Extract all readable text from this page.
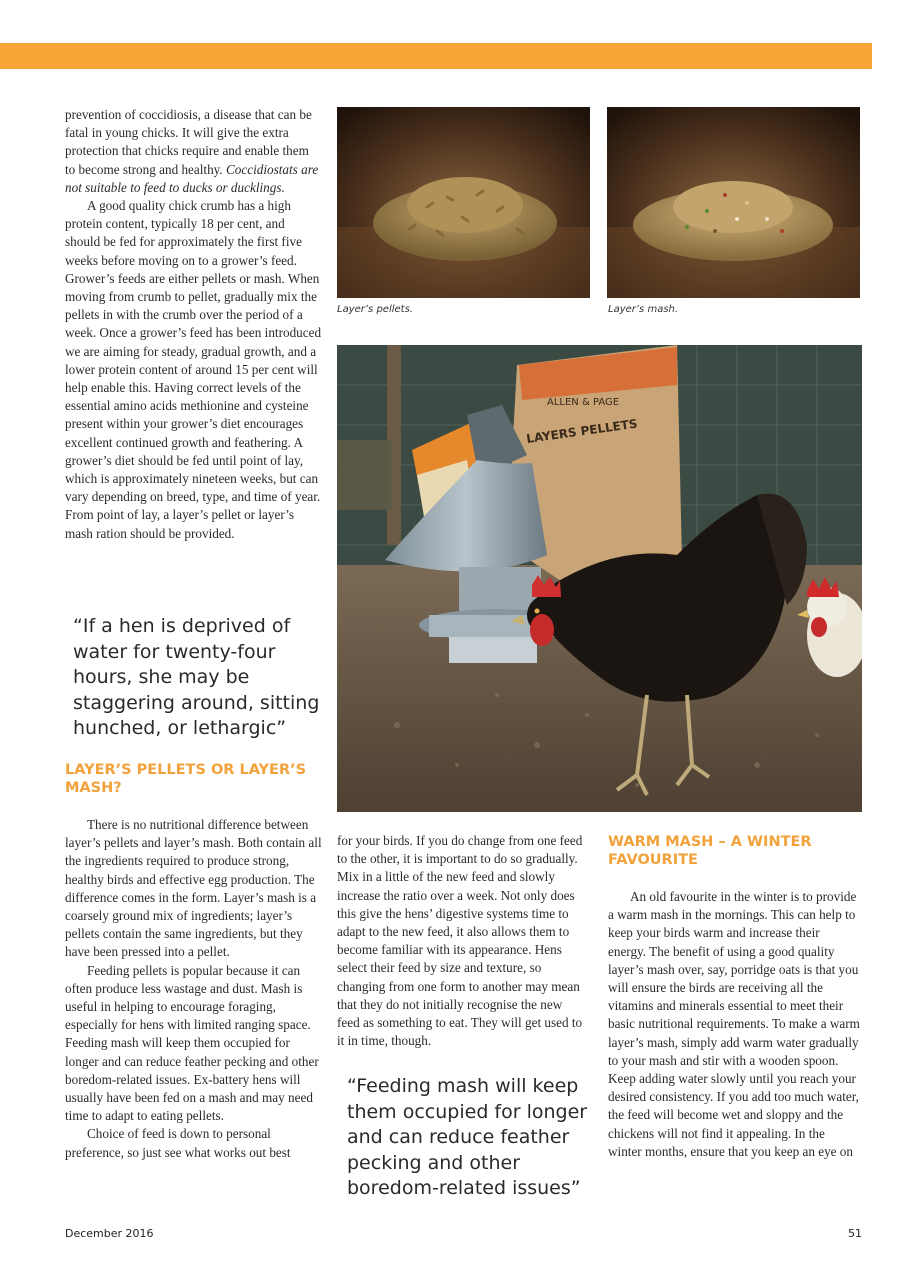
prevention of coccidiosis, a disease that can be fatal in young chicks. It will give the extra protection that chicks require and enable them to become strong and healthy. Coccidiostats are not suitable to feed to ducks or ducklings.

A good quality chick crumb has a high protein content, typically 18 per cent, and should be fed for approximately the first five weeks before moving on to a grower’s feed. Grower’s feeds are either pellets or mash. When moving from crumb to pellet, gradually mix the pellets in with the crumb over the period of a week. Once a grower’s feed has been introduced we are aiming for steady, gradual growth, and a lower protein content of around 15 per cent will help enable this. Having correct levels of the essential amino acids methionine and cysteine present within your grower’s diet encourages excellent continued growth and feathering. A grower’s diet should be fed until point of lay, which is approximately nineteen weeks, but can vary depending on breed, type, and time of year. From point of lay, a layer’s pellet or layer’s mash ration should be provided.

“If a hen is deprived of water for twenty-four hours, she may be staggering around, sitting hunched, or lethargic”
LAYER’S PELLETS OR LAYER’S MASH?

There is no nutritional difference between layer’s pellets and layer’s mash. Both contain all the ingredients required to produce strong, healthy birds and effective egg production. The difference comes in the form. Layer’s mash is a coarsely ground mix of ingredients; layer’s pellets contain the same ingredients, but they have been pressed into a pellet.

Feeding pellets is popular because it can often produce less wastage and dust. Mash is useful in helping to encourage foraging, especially for hens with limited ranging space. Feeding mash will keep them occupied for longer and can reduce feather pecking and other boredom-related issues. Ex-battery hens will usually have been fed on a mash and may need time to adapt to eating pellets.

Choice of feed is down to personal preference, so just see what works out best

Layer’s pellets.	Layer’s mash.
ALLEN & PAGE
LAYERS PELLETS

for your birds. If you do change from one feed to the other, it is important to do so gradually. Mix in a little of the new feed and slowly increase the ratio over a week. Not only does this give the hens’ digestive systems time to adapt to the new feed, it also allows them to become familiar with its appearance. Hens select their feed by size and texture, so changing from one form to another may mean that they do not initially recognise the new feed as something to eat. They will get used to it in time, though.

“Feeding mash will keep them occupied for longer and can reduce feather pecking and other boredom-related issues”
WARM MASH – A WINTER FAVOURITE

An old favourite in the winter is to provide a warm mash in the mornings. This can help to keep your birds warm and increase their energy. The benefit of using a good quality layer’s mash over, say, porridge oats is that you will ensure the birds are receiving all the vitamins and minerals essential to meet their basic nutritional requirements. To make a warm layer’s mash, simply add warm water gradually to your mash and stir with a wooden spoon. Keep adding water slowly until you reach your desired consistency. If you add too much water, the feed will become wet and sloppy and the chickens will not find it appealing. In the winter months, ensure that you keep an eye on

December 2016	51
